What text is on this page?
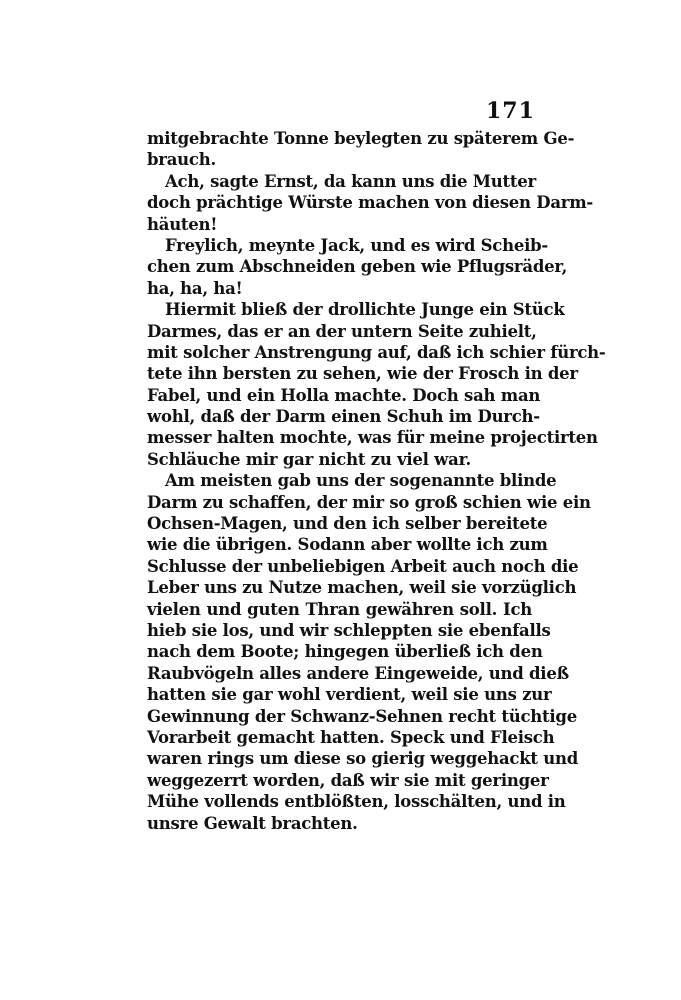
171
mitgebrachte Tonne beylegten zu späterem Ge-
brauch.
Ach, sagte Ernst, da kann uns die Mutter
doch prächtige Würste machen von diesen Darm-
häuten!
Freylich, meynte Jack, und es wird Scheib-
chen zum Abschneiden geben wie Pflugsräder,
ha, ha, ha!
Hiermit bließ der drollichte Junge ein Stück
Darmes, das er an der untern Seite zuhielt,
mit solcher Anstrengung auf, daß ich schier fürch-
tete ihn bersten zu sehen, wie der Frosch in der
Fabel, und ein Holla machte. Doch sah man
wohl, daß der Darm einen Schuh im Durch-
messer halten mochte, was für meine projectirten
Schläuche mir gar nicht zu viel war.
Am meisten gab uns der sogenannte blinde
Darm zu schaffen, der mir so groß schien wie ein
Ochsen-Magen, und den ich selber bereitete
wie die übrigen. Sodann aber wollte ich zum
Schlusse der unbeliebigen Arbeit auch noch die
Leber uns zu Nutze machen, weil sie vorzüglich
vielen und guten Thran gewähren soll. Ich
hieb sie los, und wir schleppten sie ebenfalls
nach dem Boote; hingegen überließ ich den
Raubvögeln alles andere Eingeweide, und dieß
hatten sie gar wohl verdient, weil sie uns zur
Gewinnung der Schwanz-Sehnen recht tüchtige
Vorarbeit gemacht hatten. Speck und Fleisch
waren rings um diese so gierig weggehackt und
weggezerrt worden, daß wir sie mit geringer
Mühe vollends entblößten, losschälten, und in
unsre Gewalt brachten.
